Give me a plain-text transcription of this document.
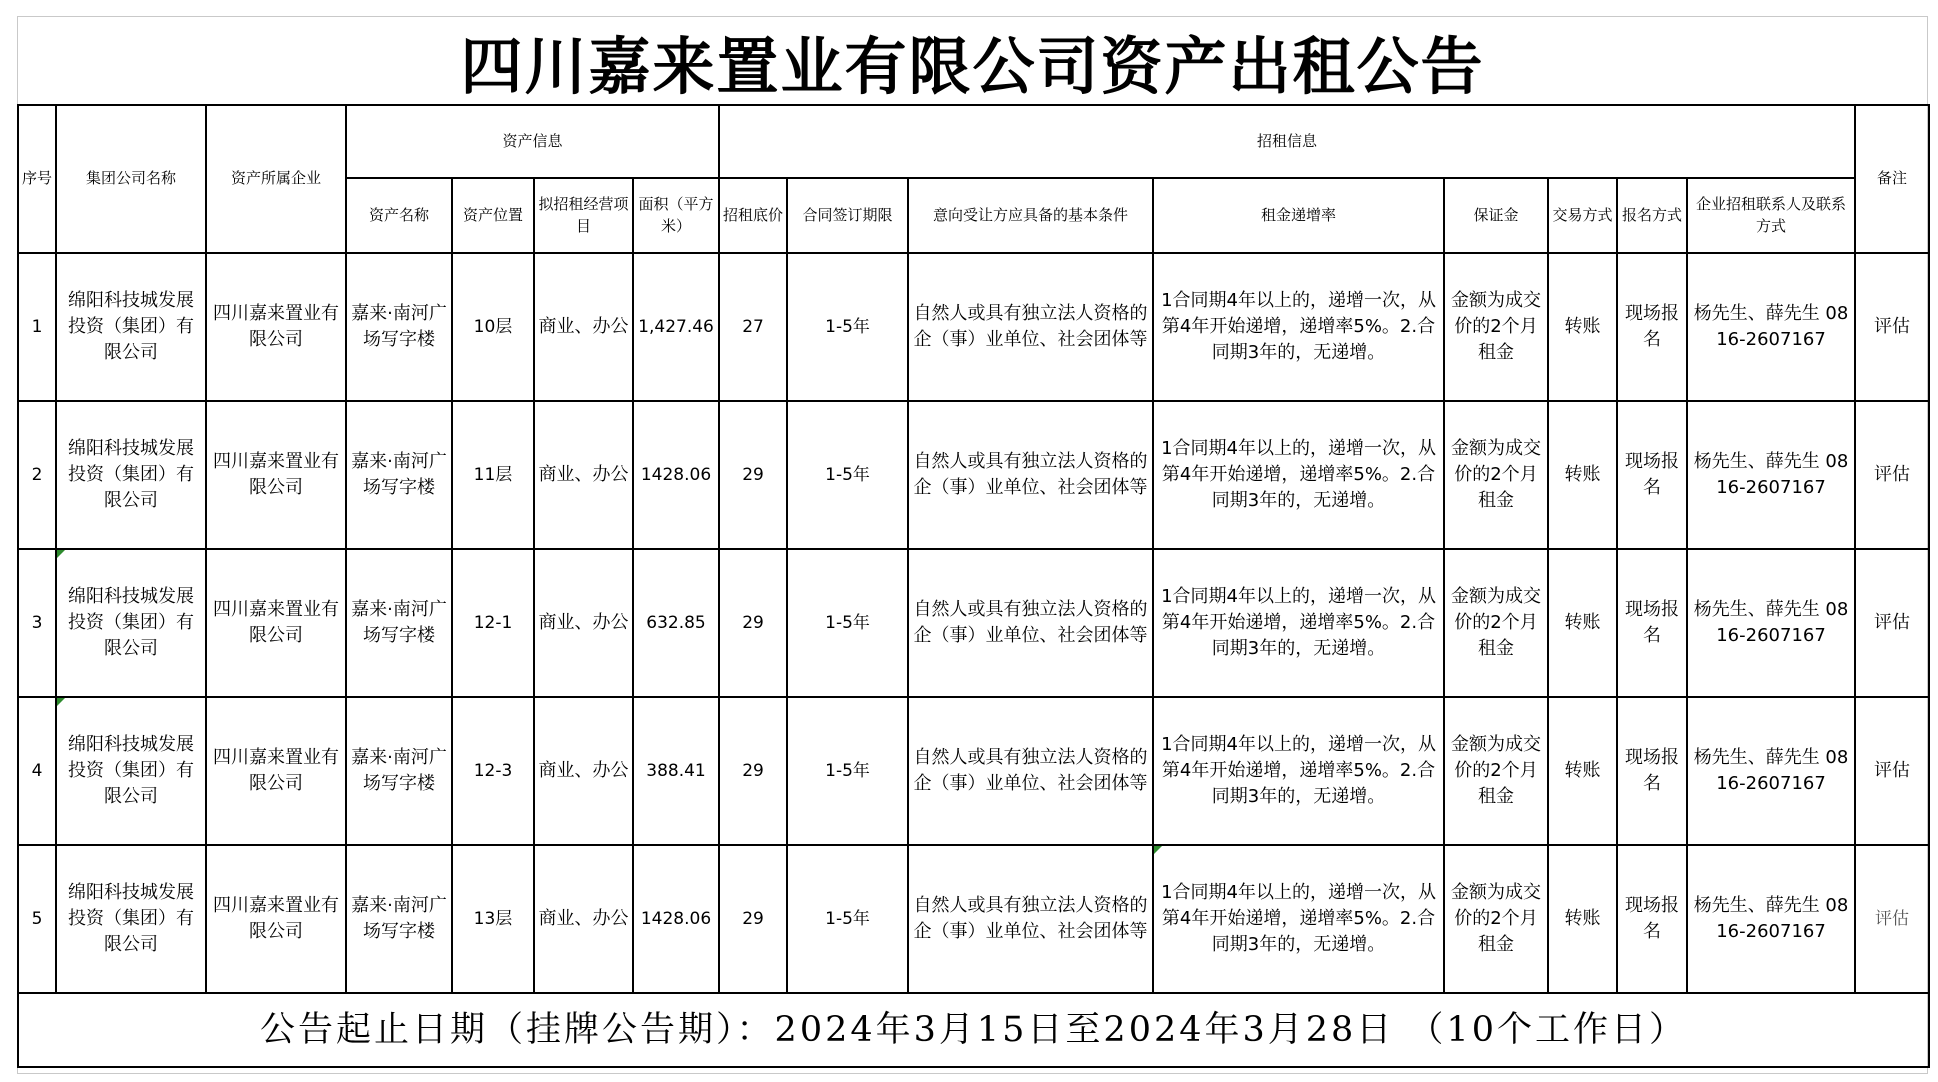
四川嘉来置业有限公司资产出租公告
序号	集团公司名称	资产所属企业	资产信息				招租信息								备注
			资产名称	资产位置	拟招租经营项目	面积（平方米）	招租底价	合同签订期限	意向受让方应具备的基本条件	租金递增率	保证金	交易方式	报名方式	企业招租联系人及联系方式	
1	绵阳科技城发展投资（集团）有限公司	四川嘉来置业有限公司	嘉来·南河广场写字楼	10层	商业、办公	1,427.46	27	1-5年	自然人或具有独立法人资格的企（事）业单位、社会团体等	1合同期4年以上的，递增一次，从第4年开始递增，递增率5%。2.合同期3年的，无递增。	金额为成交价的2个月租金	转账	现场报名	杨先生、薛先生 0816-2607167	评估
2	绵阳科技城发展投资（集团）有限公司	四川嘉来置业有限公司	嘉来·南河广场写字楼	11层	商业、办公	1428.06	29	1-5年	自然人或具有独立法人资格的企（事）业单位、社会团体等	1合同期4年以上的，递增一次，从第4年开始递增，递增率5%。2.合同期3年的，无递增。	金额为成交价的2个月租金	转账	现场报名	杨先生、薛先生 0816-2607167	评估
3	绵阳科技城发展投资（集团）有限公司	四川嘉来置业有限公司	嘉来·南河广场写字楼	12-1	商业、办公	632.85	29	1-5年	自然人或具有独立法人资格的企（事）业单位、社会团体等	1合同期4年以上的，递增一次，从第4年开始递增，递增率5%。2.合同期3年的，无递增。	金额为成交价的2个月租金	转账	现场报名	杨先生、薛先生 0816-2607167	评估
4	绵阳科技城发展投资（集团）有限公司	四川嘉来置业有限公司	嘉来·南河广场写字楼	12-3	商业、办公	388.41	29	1-5年	自然人或具有独立法人资格的企（事）业单位、社会团体等	1合同期4年以上的，递增一次，从第4年开始递增，递增率5%。2.合同期3年的，无递增。	金额为成交价的2个月租金	转账	现场报名	杨先生、薛先生 0816-2607167	评估
5	绵阳科技城发展投资（集团）有限公司	四川嘉来置业有限公司	嘉来·南河广场写字楼	13层	商业、办公	1428.06	29	1-5年	自然人或具有独立法人资格的企（事）业单位、社会团体等	1合同期4年以上的，递增一次，从第4年开始递增，递增率5%。2.合同期3年的，无递增。	金额为成交价的2个月租金	转账	现场报名	杨先生、薛先生 0816-2607167	评估
公告起止日期（挂牌公告期）：2024年3月15日至2024年3月28日 （10个工作日）															
